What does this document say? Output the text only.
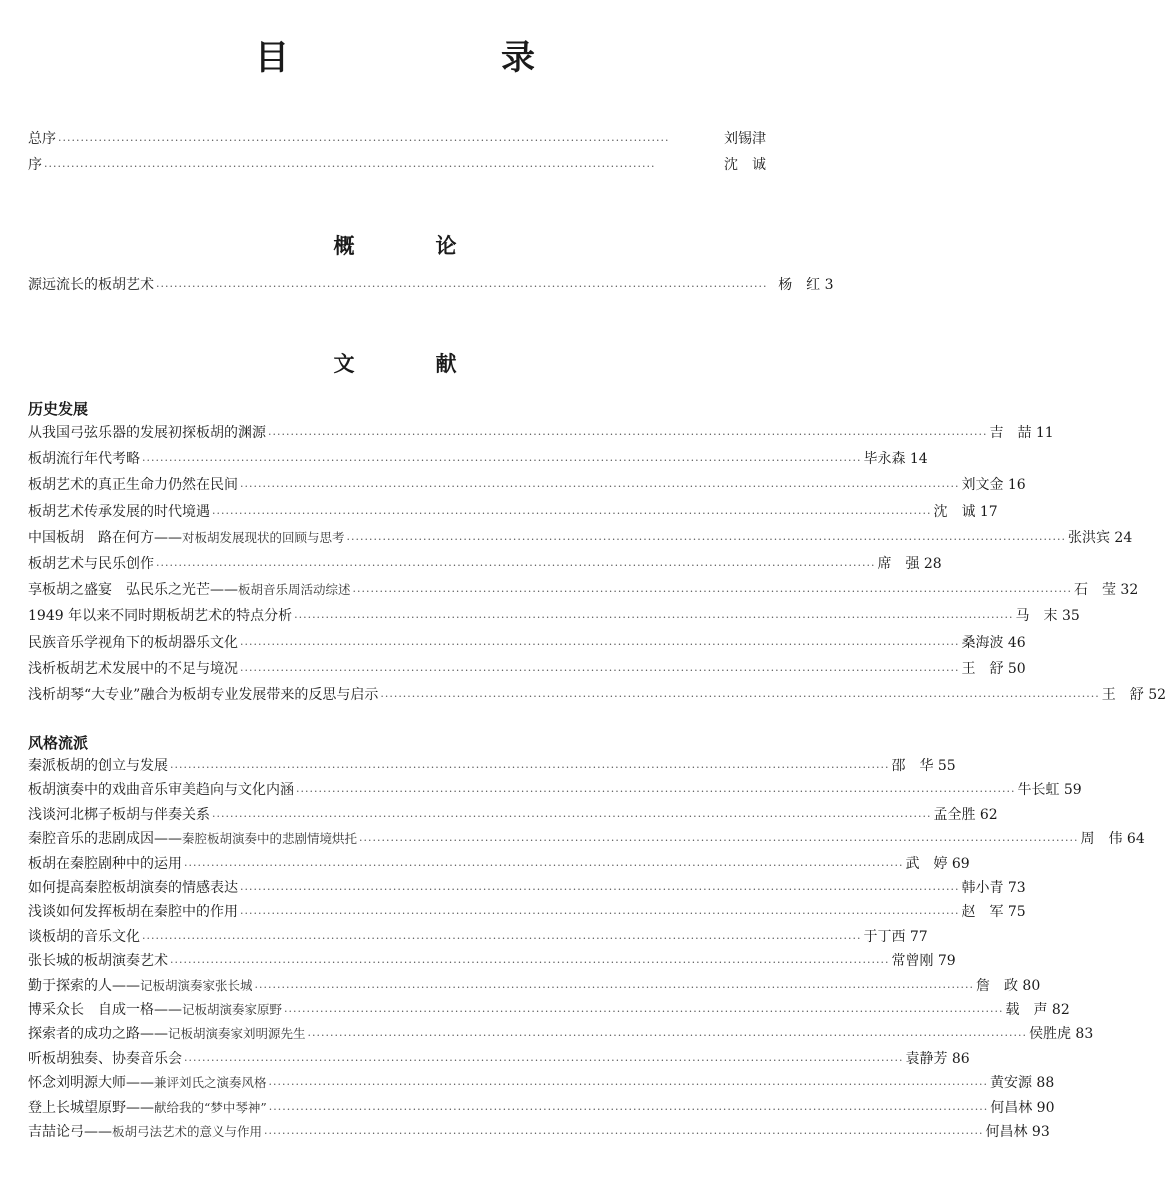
目　　录
总序 ········································································································································	刘锡津
序 ········································································································································	沈　诚
概　论
源远流长的板胡艺术 ········································································································································ 杨　红 3
文　献
历史发展
从我国弓弦乐器的发展初探板胡的渊源 ································································································································································ 吉　喆 11
板胡流行年代考略 ································································································································································ 毕永森 14
板胡艺术的真正生命力仍然在民间 ································································································································································ 刘文金 16
板胡艺术传承发展的时代境遇 ································································································································································ 沈　诚 17
中国板胡　路在何方——对板胡发展现状的回顾与思考 ································································································································································ 张洪宾 24
板胡艺术与民乐创作 ································································································································································ 席　强 28
享板胡之盛宴　弘民乐之光芒——板胡音乐周活动综述 ································································································································································ 石　莹 32
1949 年以来不同时期板胡艺术的特点分析 ································································································································································ 马　末 35
民族音乐学视角下的板胡器乐文化 ································································································································································ 桑海波 46
浅析板胡艺术发展中的不足与境况 ································································································································································ 王　舒 50
浅析胡琴“大专业”融合为板胡专业发展带来的反思与启示 ································································································································································ 王　舒 52
风格流派
秦派板胡的创立与发展 ································································································································································ 邵　华 55
板胡演奏中的戏曲音乐审美趋向与文化内涵 ································································································································································ 牛长虹 59
浅谈河北梆子板胡与伴奏关系 ································································································································································ 孟全胜 62
秦腔音乐的悲剧成因——秦腔板胡演奏中的悲剧情境烘托 ································································································································································ 周　伟 64
板胡在秦腔剧种中的运用 ································································································································································ 武　婷 69
如何提高秦腔板胡演奏的情感表达 ································································································································································ 韩小青 73
浅谈如何发挥板胡在秦腔中的作用 ································································································································································ 赵　军 75
谈板胡的音乐文化 ································································································································································ 于丁西 77
张长城的板胡演奏艺术 ································································································································································ 常曾刚 79
勤于探索的人——记板胡演奏家张长城 ································································································································································ 詹　政 80
博采众长　自成一格——记板胡演奏家原野 ································································································································································ 载　声 82
探索者的成功之路——记板胡演奏家刘明源先生 ································································································································································ 侯胜虎 83
听板胡独奏、协奏音乐会 ································································································································································ 袁静芳 86
怀念刘明源大师——兼评刘氏之演奏风格 ································································································································································ 黄安源 88
登上长城望原野——献给我的“梦中琴神” ································································································································································ 何昌林 90
吉喆论弓——板胡弓法艺术的意义与作用 ································································································································································ 何昌林 93
